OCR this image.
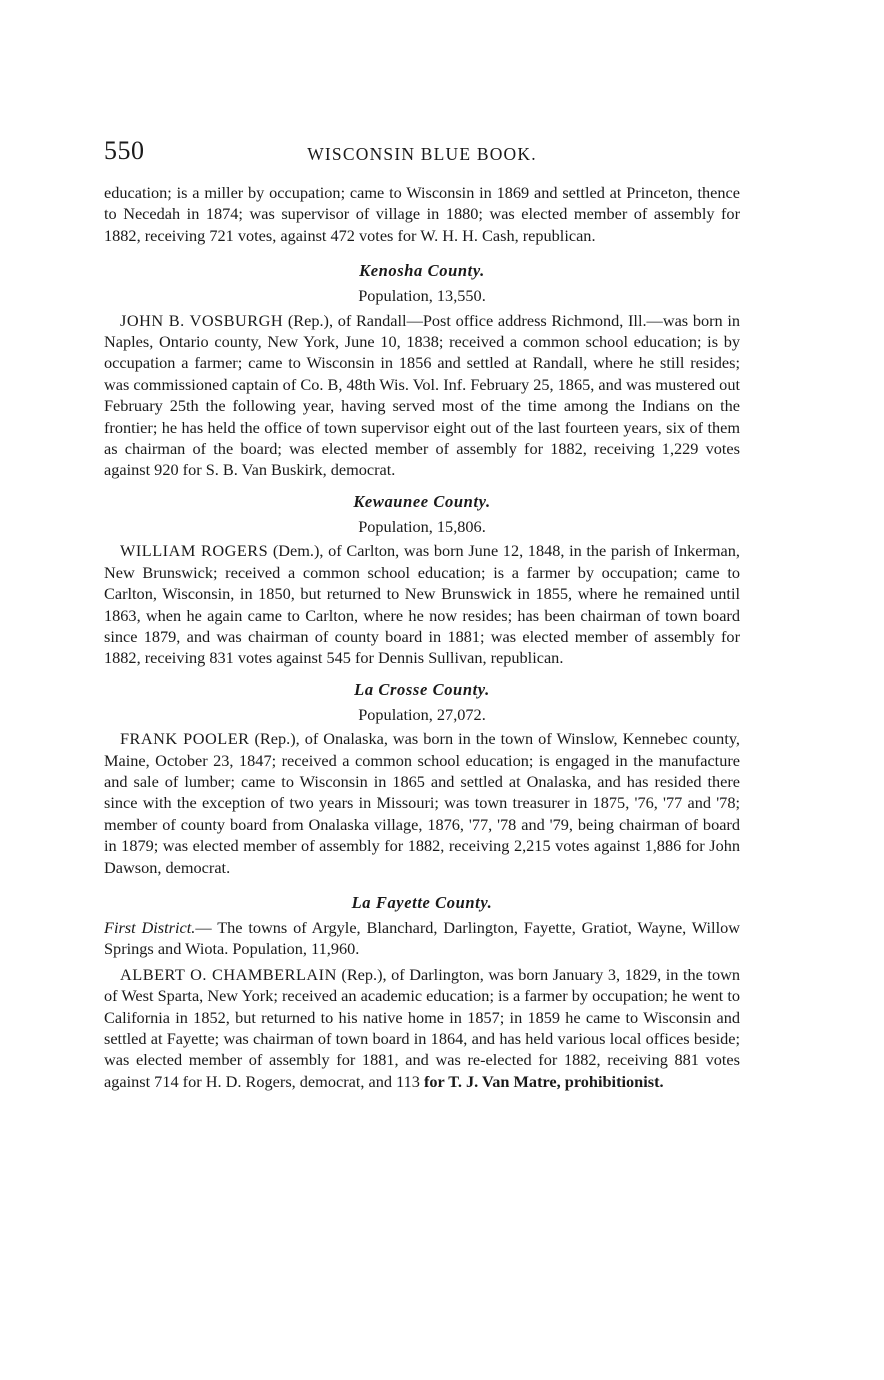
550	WISCONSIN BLUE BOOK.

education; is a miller by occupation; came to Wisconsin in 1869 and settled at Princeton, thence to Necedah in 1874; was supervisor of village in 1880; was elected member of assembly for 1882, receiving 721 votes, against 472 votes for W. H. H. Cash, republican.

Kenosha County.
Population, 13,550.

JOHN B. VOSBURGH (Rep.), of Randall—Post office address Richmond, Ill.—was born in Naples, Ontario county, New York, June 10, 1838; received a common school education; is by occupation a farmer; came to Wisconsin in 1856 and settled at Randall, where he still resides; was commissioned captain of Co. B, 48th Wis. Vol. Inf. February 25, 1865, and was mustered out February 25th the following year, having served most of the time among the Indians on the frontier; he has held the office of town supervisor eight out of the last fourteen years, six of them as chairman of the board; was elected member of assembly for 1882, receiving 1,229 votes against 920 for S. B. Van Buskirk, democrat.

Kewaunee County.
Population, 15,806.

WILLIAM ROGERS (Dem.), of Carlton, was born June 12, 1848, in the parish of Inkerman, New Brunswick; received a common school education; is a farmer by occupation; came to Carlton, Wisconsin, in 1850, but returned to New Brunswick in 1855, where he remained until 1863, when he again came to Carlton, where he now resides; has been chairman of town board since 1879, and was chairman of county board in 1881; was elected member of assembly for 1882, receiving 831 votes against 545 for Dennis Sullivan, republican.

La Crosse County.
Population, 27,072.

FRANK POOLER (Rep.), of Onalaska, was born in the town of Winslow, Kennebec county, Maine, October 23, 1847; received a common school education; is engaged in the manufacture and sale of lumber; came to Wisconsin in 1865 and settled at Onalaska, and has resided there since with the exception of two years in Missouri; was town treasurer in 1875, '76, '77 and '78; member of county board from Onalaska village, 1876, '77, '78 and '79, being chairman of board in 1879; was elected member of assembly for 1882, receiving 2,215 votes against 1,886 for John Dawson, democrat.

La Fayette County.

First District.— The towns of Argyle, Blanchard, Darlington, Fayette, Gratiot, Wayne, Willow Springs and Wiota. Population, 11,960.

ALBERT O. CHAMBERLAIN (Rep.), of Darlington, was born January 3, 1829, in the town of West Sparta, New York; received an academic education; is a farmer by occupation; he went to California in 1852, but returned to his native home in 1857; in 1859 he came to Wisconsin and settled at Fayette; was chairman of town board in 1864, and has held various local offices beside; was elected member of assembly for 1881, and was re-elected for 1882, receiving 881 votes against 714 for H. D. Rogers, democrat, and 113 for T. J. Van Matre, prohibitionist.
